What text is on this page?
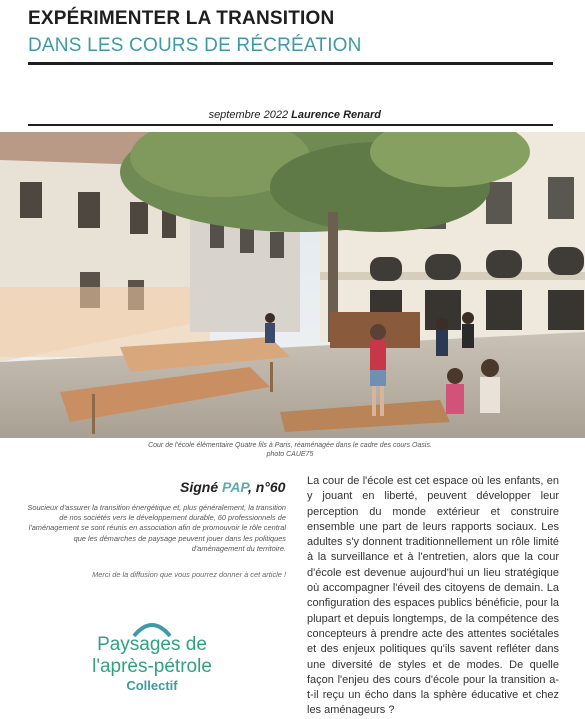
EXPÉRIMENTER LA TRANSITION
DANS LES COURS DE RÉCRÉATION
septembre 2022 Laurence Renard
Cour de l'école élémentaire Quatre fils à Paris, réaménagée dans le cadre des cours Oasis.
photo CAUE75
Signé PAP, n°60
Soucieux d'assurer la transition énergétique et, plus généralement, la transition de nos sociétés vers le développement durable, 60 professionnels de l'aménagement se sont réunis en association afin de promouvoir le rôle central que les démarches de paysage peuvent jouer dans les politiques d'aménagement du territoire.
Merci de la diffusion que vous pourrez donner à cet article !
Paysages de
l'après-pétrole
Collectif
La cour de l'école est cet espace où les enfants, en y jouant en liberté, peuvent développer leur perception du monde extérieur et construire ensemble une part de leurs rapports sociaux. Les adultes s'y donnent traditionnellement un rôle limité à la surveillance et à l'entretien, alors que la cour d'école est devenue aujourd'hui un lieu stratégique où accompagner l'éveil des citoyens de demain. La configuration des espaces publics bénéficie, pour la plupart et depuis longtemps, de la compétence des concepteurs à prendre acte des attentes sociétales et des enjeux politiques qu'ils savent refléter dans une diversité de styles et de modes. De quelle façon l'enjeu des cours d'école pour la transition a-t-il reçu un écho dans la sphère éducative et chez les aménageurs ?
